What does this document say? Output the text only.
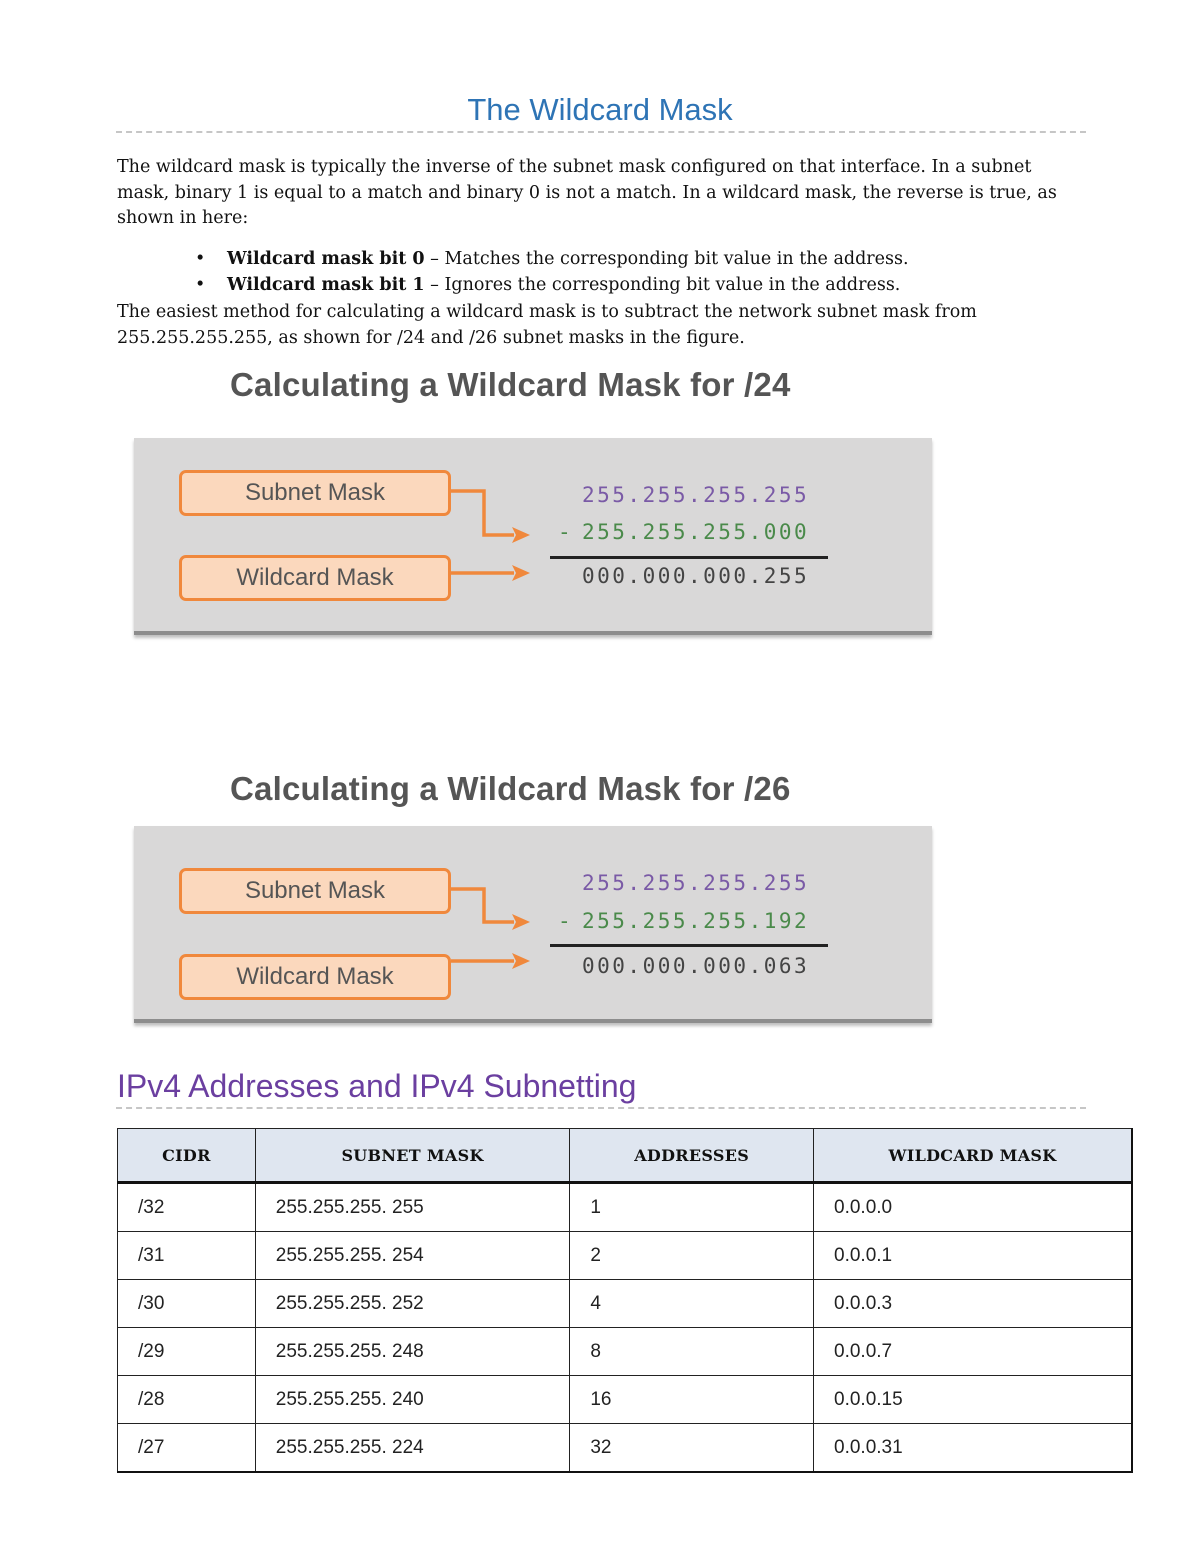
The Wildcard Mask
The wildcard mask is typically the inverse of the subnet mask configured on that interface. In a subnet mask, binary 1 is equal to a match and binary 0 is not a match. In a wildcard mask, the reverse is true, as shown in here:
• Wildcard mask bit 0 – Matches the corresponding bit value in the address.
• Wildcard mask bit 1 – Ignores the corresponding bit value in the address.
The easiest method for calculating a wildcard mask is to subtract the network subnet mask from 255.255.255.255, as shown for /24 and /26 subnet masks in the figure.
Calculating a Wildcard Mask for /24
Subnet Mask
Wildcard Mask
255.255.255.255
- 255.255.255.000
000.000.000.255
Calculating a Wildcard Mask for /26
Subnet Mask
Wildcard Mask
255.255.255.255
- 255.255.255.192
000.000.000.063
IPv4 Addresses and IPv4 Subnetting
CIDR	SUBNET MASK	ADDRESSES	WILDCARD MASK
/32	255.255.255. 255	1	0.0.0.0
/31	255.255.255. 254	2	0.0.0.1
/30	255.255.255. 252	4	0.0.0.3
/29	255.255.255. 248	8	0.0.0.7
/28	255.255.255. 240	16	0.0.0.15
/27	255.255.255. 224	32	0.0.0.31
